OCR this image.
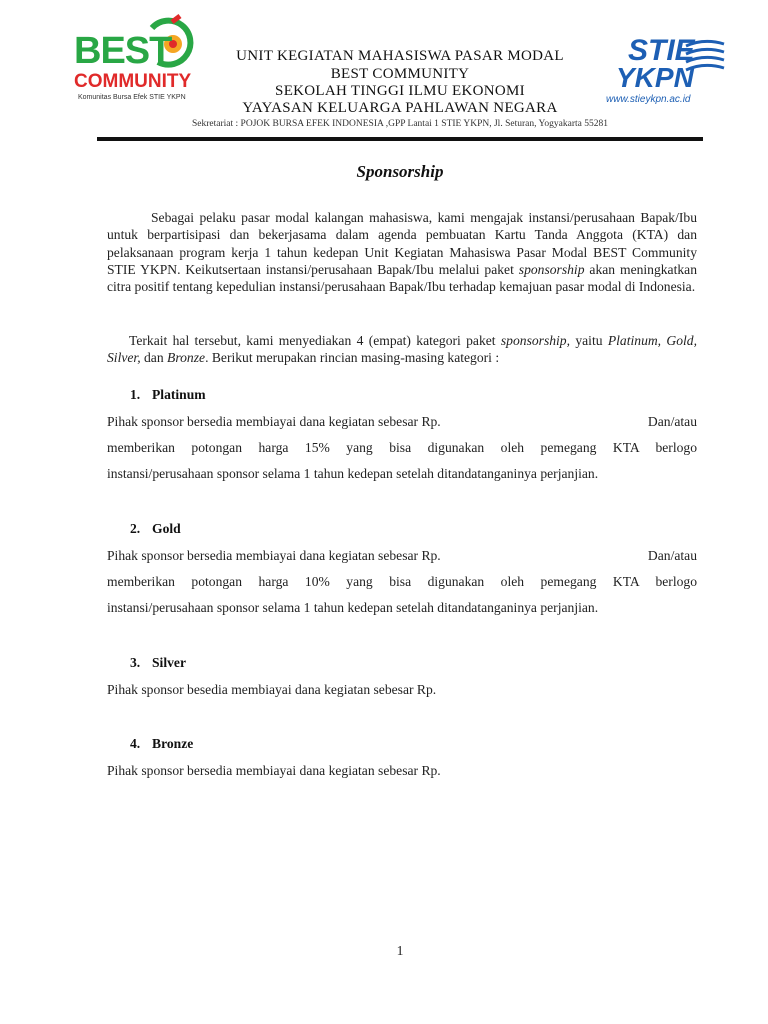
BEST
COMMUNITY
Komunitas Bursa Efek STIE YKPN
UNIT KEGIATAN MAHASISWA PASAR MODAL
BEST COMMUNITY
SEKOLAH TINGGI ILMU EKONOMI
YAYASAN KELUARGA PAHLAWAN NEGARA
Sekretariat : POJOK BURSA EFEK INDONESIA ,GPP Lantai 1 STIE YKPN, Jl. Seturan, Yogyakarta 55281
STIE
YKPN
www.stieykpn.ac.id
Sponsorship
Sebagai pelaku pasar modal kalangan mahasiswa, kami mengajak instansi/perusahaan Bapak/Ibu untuk berpartisipasi dan bekerjasama dalam agenda pembuatan Kartu Tanda Anggota (KTA) dan pelaksanaan program kerja 1 tahun kedepan Unit Kegiatan Mahasiswa Pasar Modal BEST Community STIE YKPN. Keikutsertaan instansi/perusahaan Bapak/Ibu melalui paket sponsorship akan meningkatkan citra positif tentang kepedulian instansi/perusahaan Bapak/Ibu terhadap kemajuan pasar modal di Indonesia.
Terkait hal tersebut, kami menyediakan 4 (empat) kategori paket sponsorship, yaitu Platinum, Gold, Silver, dan Bronze. Berikut merupakan rincian masing-masing kategori :
1. Platinum
Pihak sponsor bersedia membiayai dana kegiatan sebesar Rp.	Dan/atau
memberikan potongan harga 15% yang bisa digunakan oleh pemegang KTA berlogo
instansi/perusahaan sponsor selama 1 tahun kedepan setelah ditandatanganinya perjanjian.
2. Gold
Pihak sponsor bersedia membiayai dana kegiatan sebesar Rp.	Dan/atau
memberikan potongan harga 10% yang bisa digunakan oleh pemegang KTA berlogo
instansi/perusahaan sponsor selama 1 tahun kedepan setelah ditandatanganinya perjanjian.
3. Silver
Pihak sponsor besedia membiayai dana kegiatan sebesar Rp.
4. Bronze
Pihak sponsor bersedia membiayai dana kegiatan sebesar Rp.
1
